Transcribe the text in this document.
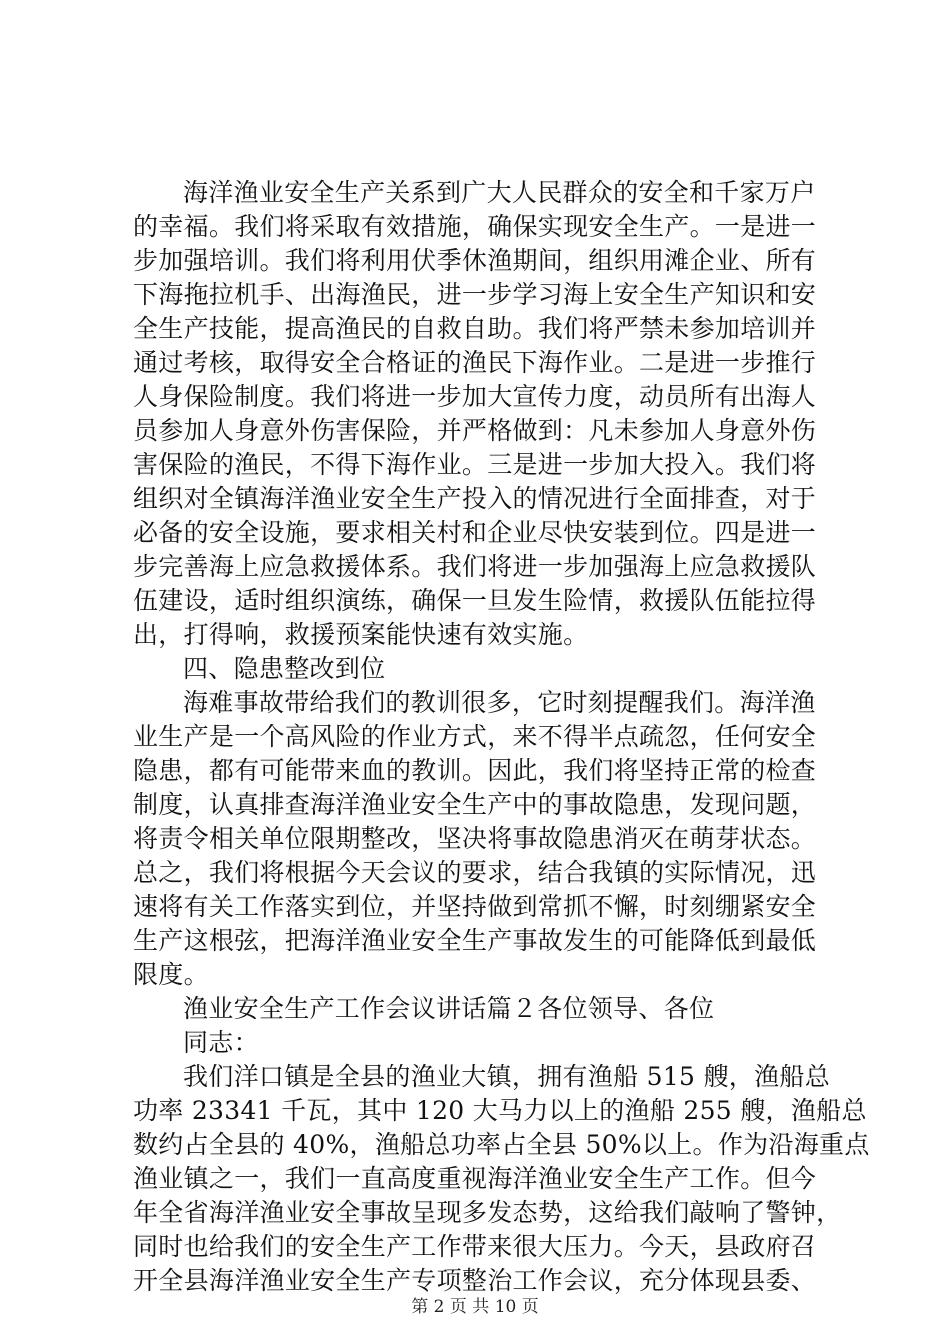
海洋渔业安全生产关系到广大人民群众的安全和千家万户
的幸福。我们将采取有效措施，确保实现安全生产。一是进一
步加强培训。我们将利用伏季休渔期间，组织用滩企业、所有
下海拖拉机手、出海渔民，进一步学习海上安全生产知识和安
全生产技能，提高渔民的自救自助。我们将严禁未参加培训并
通过考核，取得安全合格证的渔民下海作业。二是进一步推行
人身保险制度。我们将进一步加大宣传力度，动员所有出海人
员参加人身意外伤害保险，并严格做到：凡未参加人身意外伤
害保险的渔民，不得下海作业。三是进一步加大投入。我们将
组织对全镇海洋渔业安全生产投入的情况进行全面排查，对于
必备的安全设施，要求相关村和企业尽快安装到位。四是进一
步完善海上应急救援体系。我们将进一步加强海上应急救援队
伍建设，适时组织演练，确保一旦发生险情，救援队伍能拉得
出，打得响，救援预案能快速有效实施。
四、隐患整改到位
海难事故带给我们的教训很多，它时刻提醒我们。海洋渔
业生产是一个高风险的作业方式，来不得半点疏忽，任何安全
隐患，都有可能带来血的教训。因此，我们将坚持正常的检查
制度，认真排查海洋渔业安全生产中的事故隐患，发现问题，
将责令相关单位限期整改，坚决将事故隐患消灭在萌芽状态。
总之，我们将根据今天会议的要求，结合我镇的实际情况，迅
速将有关工作落实到位，并坚持做到常抓不懈，时刻绷紧安全
生产这根弦，把海洋渔业安全生产事故发生的可能降低到最低
限度。
渔业安全生产工作会议讲话篇２各位领导、各位
同志：
我们洋口镇是全县的渔业大镇，拥有渔船 515 艘，渔船总
功率 23341 千瓦，其中 120 大马力以上的渔船 255 艘，渔船总
数约占全县的 40%，渔船总功率占全县 50%以上。作为沿海重点
渔业镇之一，我们一直高度重视海洋渔业安全生产工作。但今
年全省海洋渔业安全事故呈现多发态势，这给我们敲响了警钟，
同时也给我们的安全生产工作带来很大压力。今天，县政府召
开全县海洋渔业安全生产专项整治工作会议，充分体现县委、
第 2 页 共 10 页
